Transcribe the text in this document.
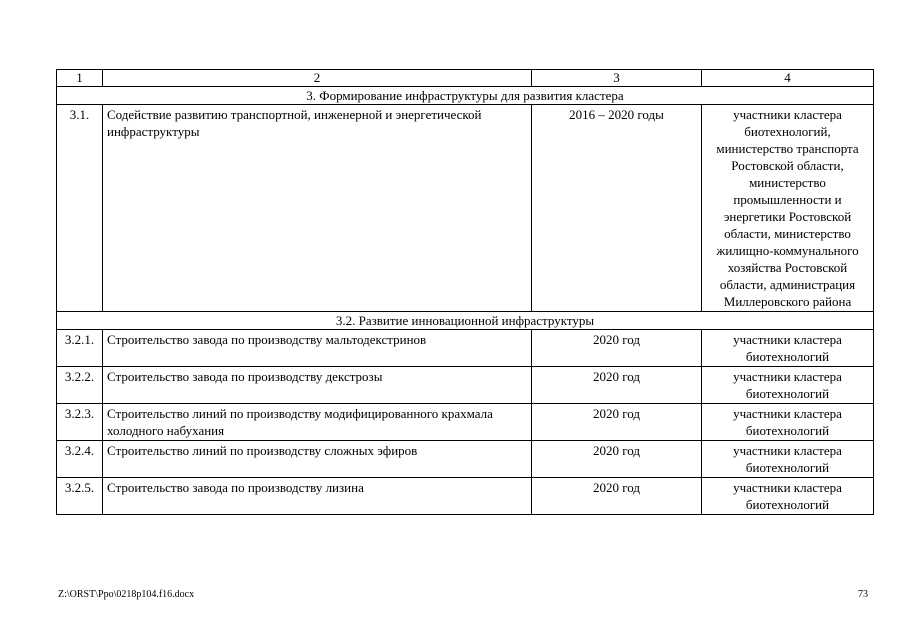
1	2	3	4
3. Формирование инфраструктуры для развития кластера			
3.1.	Содействие развитию транспортной, инженерной и энергетической инфраструктуры	2016 – 2020 годы	участники кластера биотехнологий, министерство транспорта Ростовской области, министерство промышленности и энергетики Ростовской области, министерство жилищно-коммунального хозяйства Ростовской области, администрация Миллеровского района
3.2. Развитие инновационной инфраструктуры			
3.2.1.	Строительство завода по производству мальтодекстринов	2020 год	участники кластера биотехнологий
3.2.2.	Строительство завода по производству декстрозы	2020 год	участники кластера биотехнологий
3.2.3.	Строительство линий по производству модифицированного крахмала холодного набухания	2020 год	участники кластера биотехнологий
3.2.4.	Строительство линий по производству сложных эфиров	2020 год	участники кластера биотехнологий
3.2.5.	Строительство завода по производству лизина	2020 год	участники кластера биотехнологий
Z:\ORST\Ppo\0218p104.f16.docx	73
